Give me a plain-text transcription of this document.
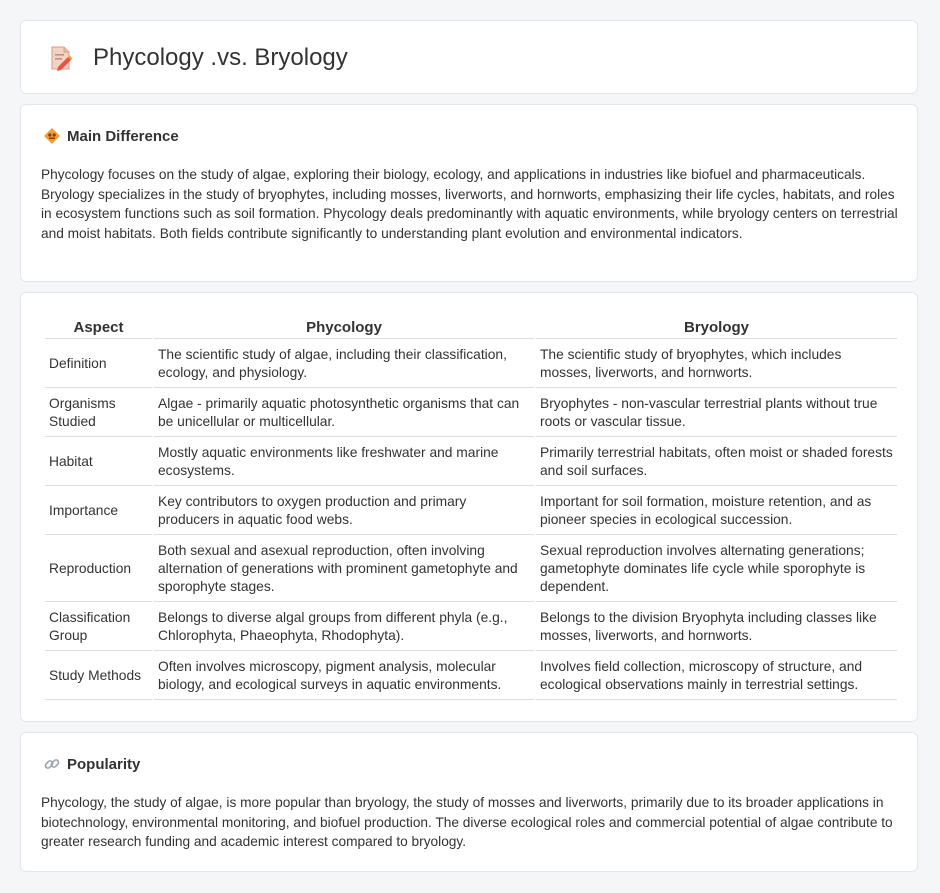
Phycology .vs. Bryology
Main Difference

Phycology focuses on the study of algae, exploring their biology, ecology, and applications in industries like biofuel and pharmaceuticals. Bryology specializes in the study of bryophytes, including mosses, liverworts, and hornworts, emphasizing their life cycles, habitats, and roles in ecosystem functions such as soil formation. Phycology deals predominantly with aquatic environments, while bryology centers on terrestrial and moist habitats. Both fields contribute significantly to understanding plant evolution and environmental indicators.

Aspect	Phycology	Bryology
Definition	The scientific study of algae, including their classification, ecology, and physiology.	The scientific study of bryophytes, which includes mosses, liverworts, and hornworts.
Organisms Studied	Algae - primarily aquatic photosynthetic organisms that can be unicellular or multicellular.	Bryophytes - non-vascular terrestrial plants without true roots or vascular tissue.
Habitat	Mostly aquatic environments like freshwater and marine ecosystems.	Primarily terrestrial habitats, often moist or shaded forests and soil surfaces.
Importance	Key contributors to oxygen production and primary producers in aquatic food webs.	Important for soil formation, moisture retention, and as pioneer species in ecological succession.
Reproduction	Both sexual and asexual reproduction, often involving alternation of generations with prominent gametophyte and sporophyte stages.	Sexual reproduction involves alternating generations; gametophyte dominates life cycle while sporophyte is dependent.
Classification Group	Belongs to diverse algal groups from different phyla (e.g., Chlorophyta, Phaeophyta, Rhodophyta).	Belongs to the division Bryophyta including classes like mosses, liverworts, and hornworts.
Study Methods	Often involves microscopy, pigment analysis, molecular biology, and ecological surveys in aquatic environments.	Involves field collection, microscopy of structure, and ecological observations mainly in terrestrial settings.
Popularity

Phycology, the study of algae, is more popular than bryology, the study of mosses and liverworts, primarily due to its broader applications in biotechnology, environmental monitoring, and biofuel production. The diverse ecological roles and commercial potential of algae contribute to greater research funding and academic interest compared to bryology.
